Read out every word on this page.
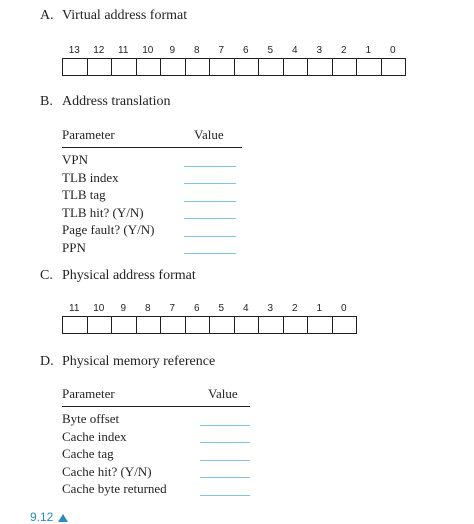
A. Virtual address format
13	12	11	10	9	8	7	6	5	4	3	2	1	0
B. Address translation
Parameter	Value
VPN
TLB index
TLB tag
TLB hit? (Y/N)
Page fault? (Y/N)
PPN
C. Physical address format
11	10	9	8	7	6	5	4	3	2	1	0
D. Physical memory reference
Parameter	Value
Byte offset
Cache index
Cache tag
Cache hit? (Y/N)
Cache byte returned
9.12
